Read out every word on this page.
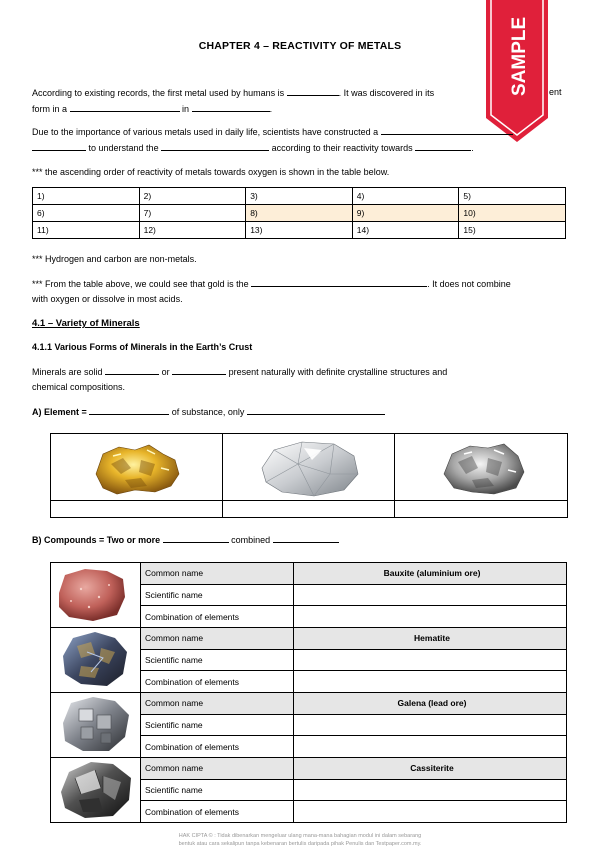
CHAPTER 4 – REACTIVITY OF METALS	SAMPLE
According to existing records, the first metal used by humans is	. It was discovered in its	ent
form in a	in	.
Due to the importance of various metals used in daily life, scientists have constructed a
to understand the	according to their reactivity towards	.
*** the ascending order of reactivity of metals towards oxygen is shown in the table below.
1)	2)	3)	4)	5)
6)	7)	8)	9)	10)
11)	12)	13)	14)	15)
*** Hydrogen and carbon are non-metals.
*** From the table above, we could see that gold is the	. It does not combine
with oxygen or dissolve in most acids.
4.1 – Variety of Minerals
4.1.1 Various Forms of Minerals in the Earth’s Crust
Minerals are solid	or	present naturally with definite crystalline structures and
chemical compositions.
A) Element =	of substance, only
B) Compounds = Two or more	combined
	Common name	Bauxite (aluminium ore)
	Scientific name	
	Combination of elements	
	Common name	Hematite
	Scientific name	
	Combination of elements	
	Common name	Galena (lead ore)
	Scientific name	
	Combination of elements	
	Common name	Cassiterite
	Scientific name	
	Combination of elements	
HAK CIPTA © : Tidak dibenarkan mengeluar ulang mana-mana bahagian modul ini dalam sebarang
bentuk atau cara sekalipun tanpa kebenaran bertulis daripada pihak Penulis dan Testpaper.com.my.
